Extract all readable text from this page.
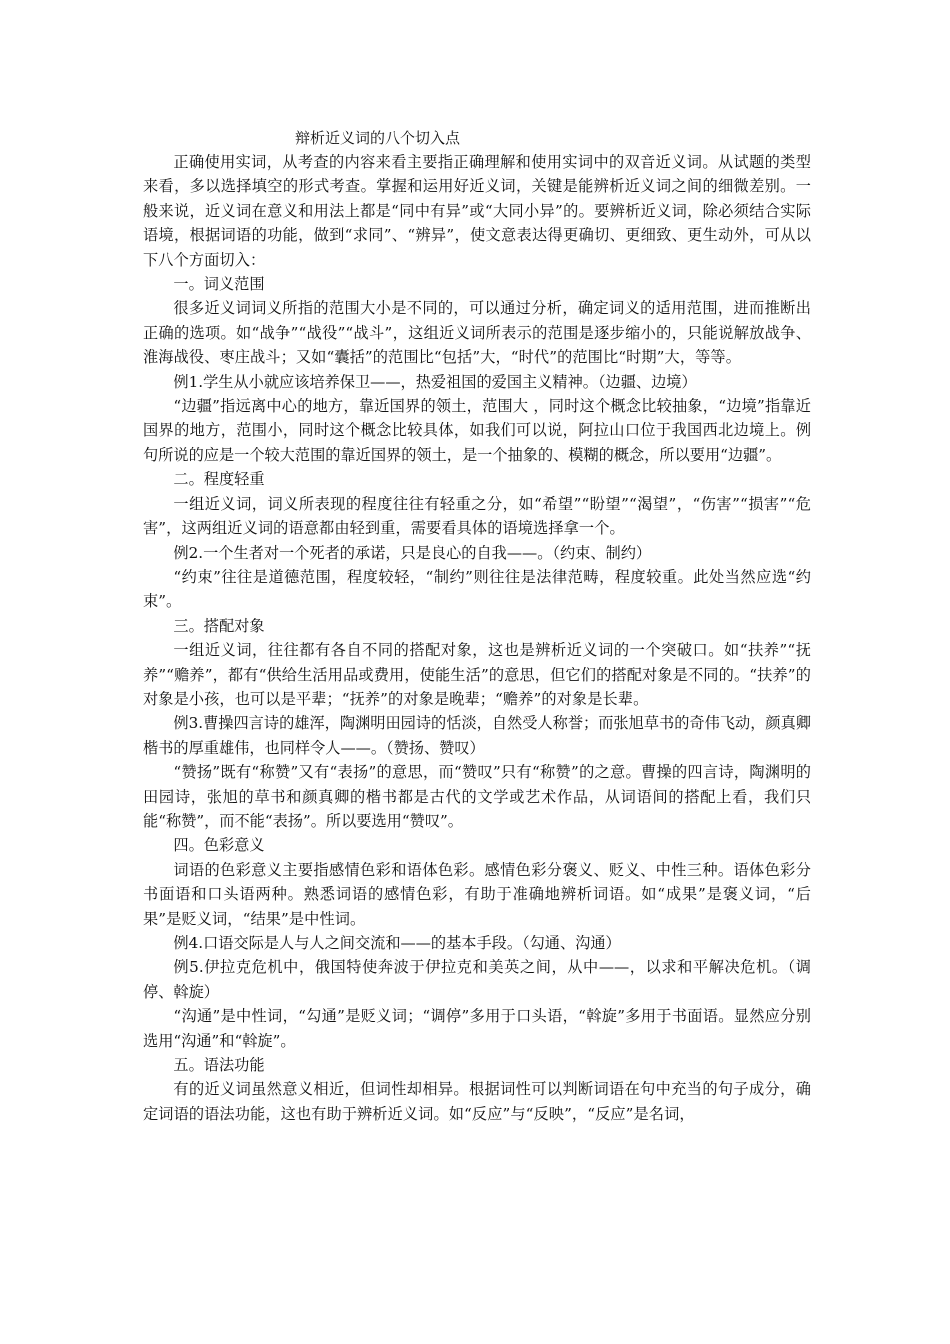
辩析近义词的八个切入点

正确使用实词，从考查的内容来看主要指正确理解和使用实词中的双音近义词。从试题的类型来看，多以选择填空的形式考查。掌握和运用好近义词，关键是能辨析近义词之间的细微差别。一般来说，近义词在意义和用法上都是“同中有异”或“大同小异”的。要辨析近义词，除必须结合实际语境，根据词语的功能，做到“求同”、“辨异”，使文意表达得更确切、更细致、更生动外，可从以下八个方面切入：

一。词义范围

很多近义词词义所指的范围大小是不同的，可以通过分析，确定词义的适用范围，进而推断出正确的选项。如“战争”“战役”“战斗”，这组近义词所表示的范围是逐步缩小的，只能说解放战争、淮海战役、枣庄战斗；又如“囊括”的范围比“包括”大，“时代”的范围比“时期”大，等等。

例1.学生从小就应该培养保卫——，热爱祖国的爱国主义精神。（边疆、边境）

“边疆”指远离中心的地方，靠近国界的领土，范围大 ，同时这个概念比较抽象，“边境”指靠近国界的地方，范围小，同时这个概念比较具体，如我们可以说，阿拉山口位于我国西北边境上。例句所说的应是一个较大范围的靠近国界的领土，是一个抽象的、模糊的概念，所以要用“边疆”。

二。程度轻重

一组近义词，词义所表现的程度往往有轻重之分，如“希望”“盼望”“渴望”，“伤害”“损害”“危害”，这两组近义词的语意都由轻到重，需要看具体的语境选择拿一个。

例2.一个生者对一个死者的承诺，只是良心的自我——。（约束、制约）

“约束”往往是道德范围，程度较轻，“制约”则往往是法律范畴，程度较重。此处当然应选“约束”。

三。搭配对象

一组近义词，往往都有各自不同的搭配对象，这也是辨析近义词的一个突破口。如“扶养”“抚养”“赡养”，都有“供给生活用品或费用，使能生活”的意思，但它们的搭配对象是不同的。“扶养”的对象是小孩，也可以是平辈；“抚养”的对象是晚辈；“赡养”的对象是长辈。

例3.曹操四言诗的雄浑，陶渊明田园诗的恬淡，自然受人称誉；而张旭草书的奇伟飞动，颜真卿楷书的厚重雄伟，也同样令人——。（赞扬、赞叹）

“赞扬”既有“称赞”又有“表扬”的意思，而“赞叹”只有“称赞”的之意。曹操的四言诗，陶渊明的田园诗，张旭的草书和颜真卿的楷书都是古代的文学或艺术作品，从词语间的搭配上看，我们只能“称赞”，而不能“表扬”。所以要选用“赞叹”。

四。色彩意义

词语的色彩意义主要指感情色彩和语体色彩。感情色彩分褒义、贬义、中性三种。语体色彩分书面语和口头语两种。熟悉词语的感情色彩，有助于准确地辨析词语。如“成果”是褒义词，“后果”是贬义词，“结果”是中性词。

例4.口语交际是人与人之间交流和——的基本手段。（勾通、沟通）

例5.伊拉克危机中，俄国特使奔波于伊拉克和美英之间，从中——，以求和平解决危机。（调停、斡旋）

“沟通”是中性词，“勾通”是贬义词；“调停”多用于口头语，“斡旋”多用于书面语。显然应分别选用“沟通”和“斡旋”。

五。语法功能

有的近义词虽然意义相近，但词性却相异。根据词性可以判断词语在句中充当的句子成分，确定词语的语法功能，这也有助于辨析近义词。如“反应”与“反映”，“反应”是名词，
